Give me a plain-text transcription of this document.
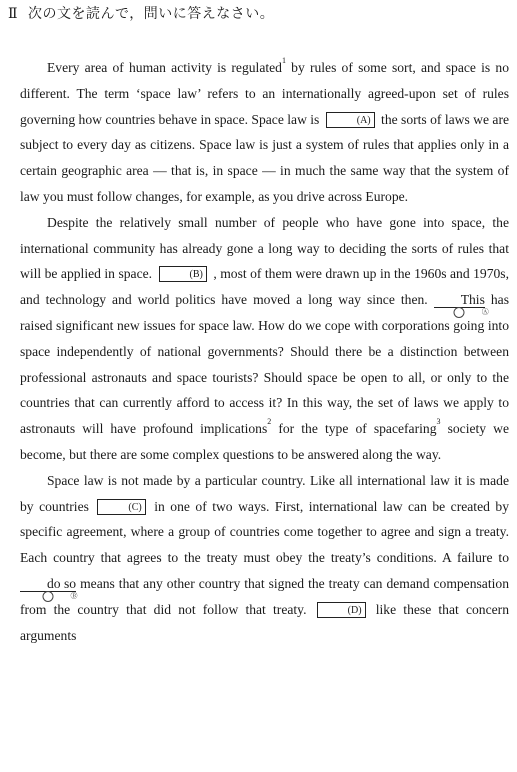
Ⅱ 次の文を読んで，問いに答えなさい。

Every area of human activity is regulated$^1$ by rules of some sort, and space is no different. The term ‘space law’ refers to an internationally agreed-upon set of rules governing how countries behave in space. Space law is	(A) the sorts of laws we are subject to every day as citizens. Space law is just a system of rules that applies only in a certain geographic area — that is, in space — in much the same way that the system of law you must follow changes, for example, as you drive across Europe.

Despite the relatively small number of people who have gone into space, the international community has already gone a long way to deciding the sorts of rules that will be applied in space.	(B) , most of them were drawn up in the 1960s and 1970s, and technology and world politics have moved a long way since then. This
Ⓐ
has raised significant new issues for space law. How do we cope with corporations going into space independently of national governments? Should there be a distinction between professional astronauts and space tourists? Should space be open to all, or only to the countries that can currently afford to access it? In this way, the set of laws we apply to astronauts will have profound implications$^2$ for the type of spacefaring$^3$ society we become, but there are some complex questions to be answered along the way.

Space law is not made by a particular country. Like all international law it is made by countries	(C) in one of two ways. First, international law can be created by specific agreement, where a group of countries come together to agree and sign a treaty. Each country that agrees to the treaty must obey the treaty’s conditions. A failure to do so
Ⓑ
means that any other country that signed the treaty can demand compensation from the country that did not follow that treaty.	(D) like these that concern arguments
